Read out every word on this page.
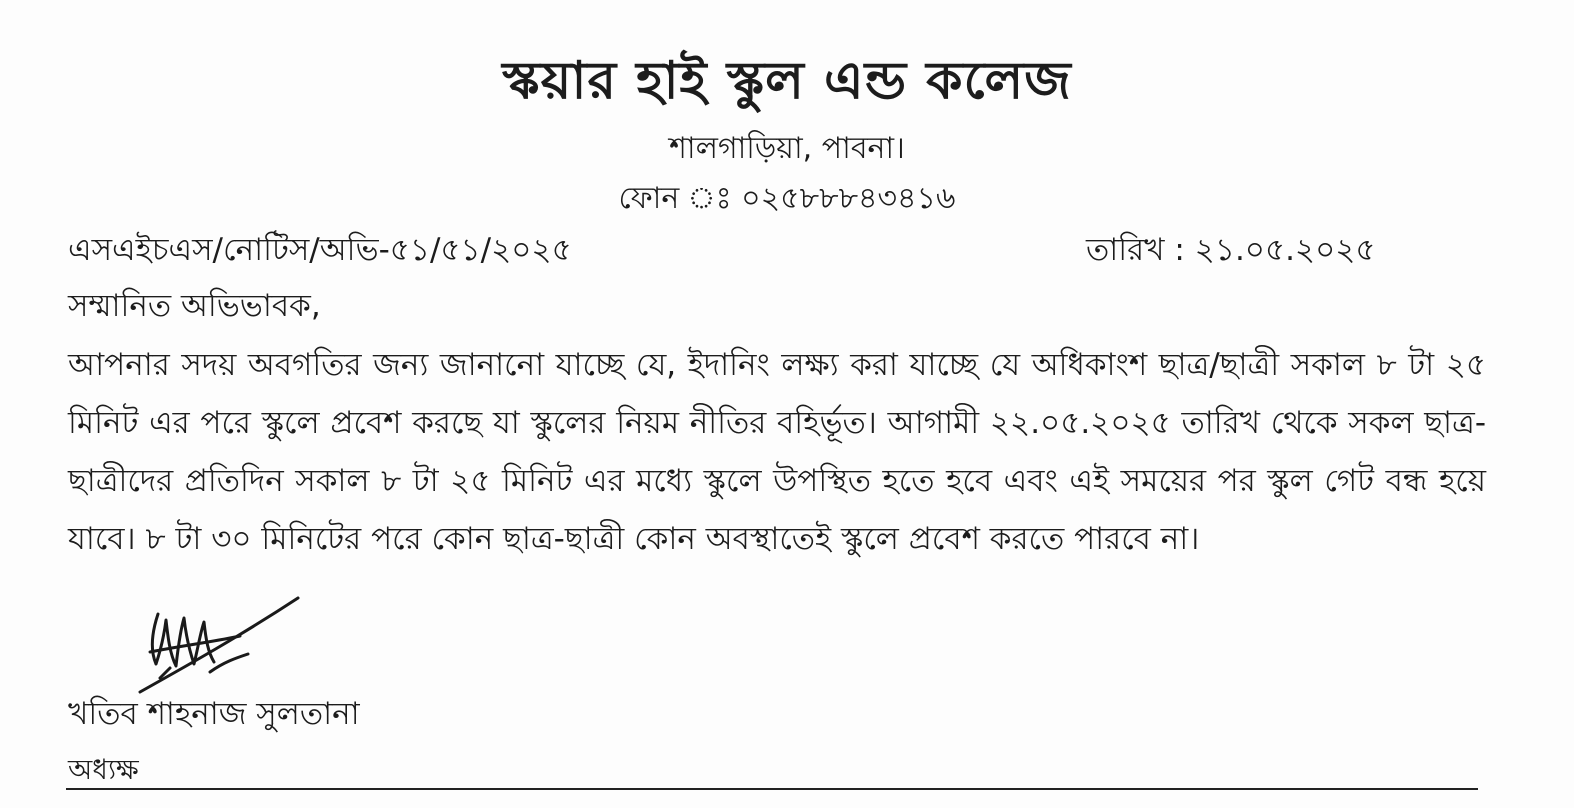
স্কয়ার হাই স্কুল এন্ড কলেজ
শালগাড়িয়া, পাবনা।
ফোন ঃ ০২৫৮৮৮৪৩৪১৬
এসএইচএস/নোটিস/অভি-৫১/৫১/২০২৫	তারিখ : ২১.০৫.২০২৫
সম্মানিত অভিভাবক,

আপনার সদয় অবগতির জন্য জানানো যাচ্ছে যে, ইদানিং লক্ষ্য করা যাচ্ছে যে অধিকাংশ ছাত্র/ছাত্রী সকাল ৮ টা ২৫ মিনিট এর পরে স্কুলে প্রবেশ করছে যা স্কুলের নিয়ম নীতির বহির্ভূত। আগামী ২২.০৫.২০২৫ তারিখ থেকে সকল ছাত্র-ছাত্রীদের প্রতিদিন সকাল ৮ টা ২৫ মিনিট এর মধ্যে স্কুলে উপস্থিত হতে হবে এবং এই সময়ের পর স্কুল গেট বন্ধ হয়ে যাবে। ৮ টা ৩০ মিনিটের পরে কোন ছাত্র-ছাত্রী কোন অবস্থাতেই স্কুলে প্রবেশ করতে পারবে না।

খতিব শাহনাজ সুলতানা
অধ্যক্ষ
